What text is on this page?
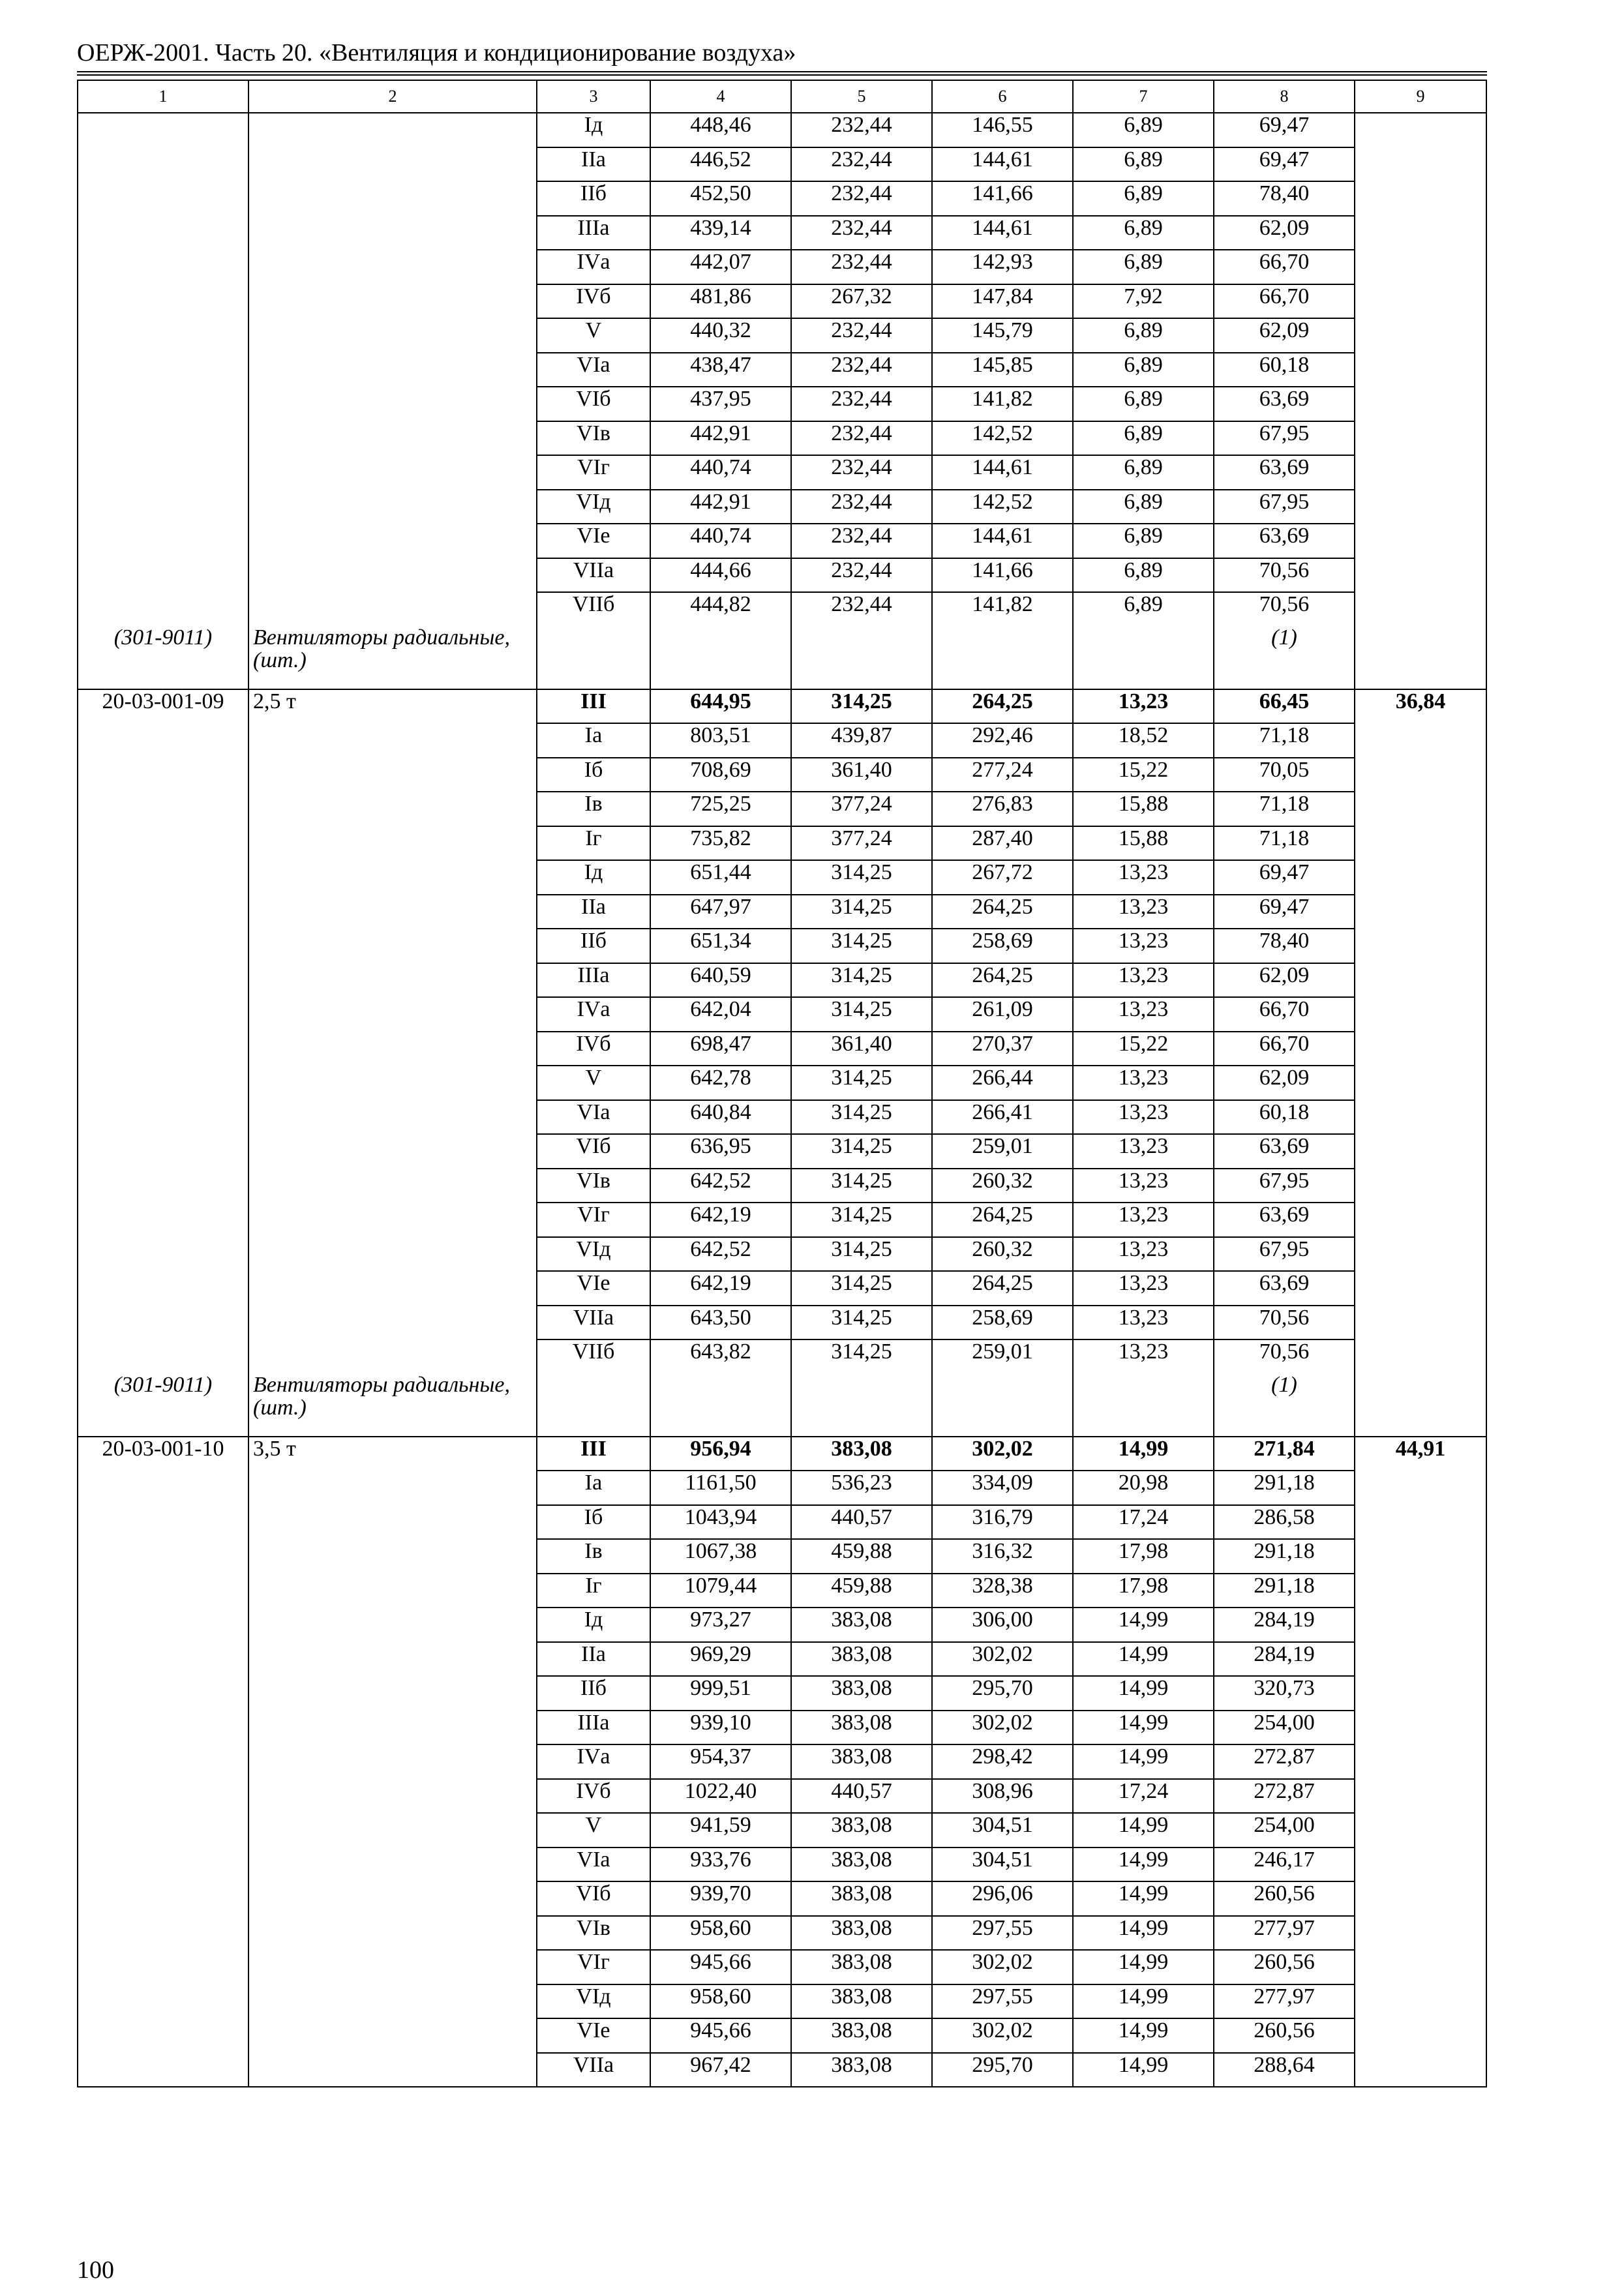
ОЕРЖ-2001. Часть 20. «Вентиляция и кондиционирование воздуха»
1	2	3	4	5	6	7	8	9
		Iд	448,46	232,44	146,55	6,89	69,47	
		IIа	446,52	232,44	144,61	6,89	69,47	
		IIб	452,50	232,44	141,66	6,89	78,40	
		IIIа	439,14	232,44	144,61	6,89	62,09	
		IVа	442,07	232,44	142,93	6,89	66,70	
		IVб	481,86	267,32	147,84	7,92	66,70	
		V	440,32	232,44	145,79	6,89	62,09	
		VIа	438,47	232,44	145,85	6,89	60,18	
		VIб	437,95	232,44	141,82	6,89	63,69	
		VIв	442,91	232,44	142,52	6,89	67,95	
		VIг	440,74	232,44	144,61	6,89	63,69	
		VIд	442,91	232,44	142,52	6,89	67,95	
		VIе	440,74	232,44	144,61	6,89	63,69	
		VIIа	444,66	232,44	141,66	6,89	70,56	
		VIIб	444,82	232,44	141,82	6,89	70,56	
(301-9011)	Вентиляторы радиальные, (шт.)						(1)	
20-03-001-09	2,5 т	III	644,95	314,25	264,25	13,23	66,45	36,84
		Iа	803,51	439,87	292,46	18,52	71,18	
		Iб	708,69	361,40	277,24	15,22	70,05	
		Iв	725,25	377,24	276,83	15,88	71,18	
		Iг	735,82	377,24	287,40	15,88	71,18	
		Iд	651,44	314,25	267,72	13,23	69,47	
		IIа	647,97	314,25	264,25	13,23	69,47	
		IIб	651,34	314,25	258,69	13,23	78,40	
		IIIа	640,59	314,25	264,25	13,23	62,09	
		IVа	642,04	314,25	261,09	13,23	66,70	
		IVб	698,47	361,40	270,37	15,22	66,70	
		V	642,78	314,25	266,44	13,23	62,09	
		VIа	640,84	314,25	266,41	13,23	60,18	
		VIб	636,95	314,25	259,01	13,23	63,69	
		VIв	642,52	314,25	260,32	13,23	67,95	
		VIг	642,19	314,25	264,25	13,23	63,69	
		VIд	642,52	314,25	260,32	13,23	67,95	
		VIе	642,19	314,25	264,25	13,23	63,69	
		VIIа	643,50	314,25	258,69	13,23	70,56	
		VIIб	643,82	314,25	259,01	13,23	70,56	
(301-9011)	Вентиляторы радиальные, (шт.)						(1)	
20-03-001-10	3,5 т	III	956,94	383,08	302,02	14,99	271,84	44,91
		Iа	1161,50	536,23	334,09	20,98	291,18	
		Iб	1043,94	440,57	316,79	17,24	286,58	
		Iв	1067,38	459,88	316,32	17,98	291,18	
		Iг	1079,44	459,88	328,38	17,98	291,18	
		Iд	973,27	383,08	306,00	14,99	284,19	
		IIа	969,29	383,08	302,02	14,99	284,19	
		IIб	999,51	383,08	295,70	14,99	320,73	
		IIIа	939,10	383,08	302,02	14,99	254,00	
		IVа	954,37	383,08	298,42	14,99	272,87	
		IVб	1022,40	440,57	308,96	17,24	272,87	
		V	941,59	383,08	304,51	14,99	254,00	
		VIа	933,76	383,08	304,51	14,99	246,17	
		VIб	939,70	383,08	296,06	14,99	260,56	
		VIв	958,60	383,08	297,55	14,99	277,97	
		VIг	945,66	383,08	302,02	14,99	260,56	
		VIд	958,60	383,08	297,55	14,99	277,97	
		VIе	945,66	383,08	302,02	14,99	260,56	
		VIIа	967,42	383,08	295,70	14,99	288,64	
100
